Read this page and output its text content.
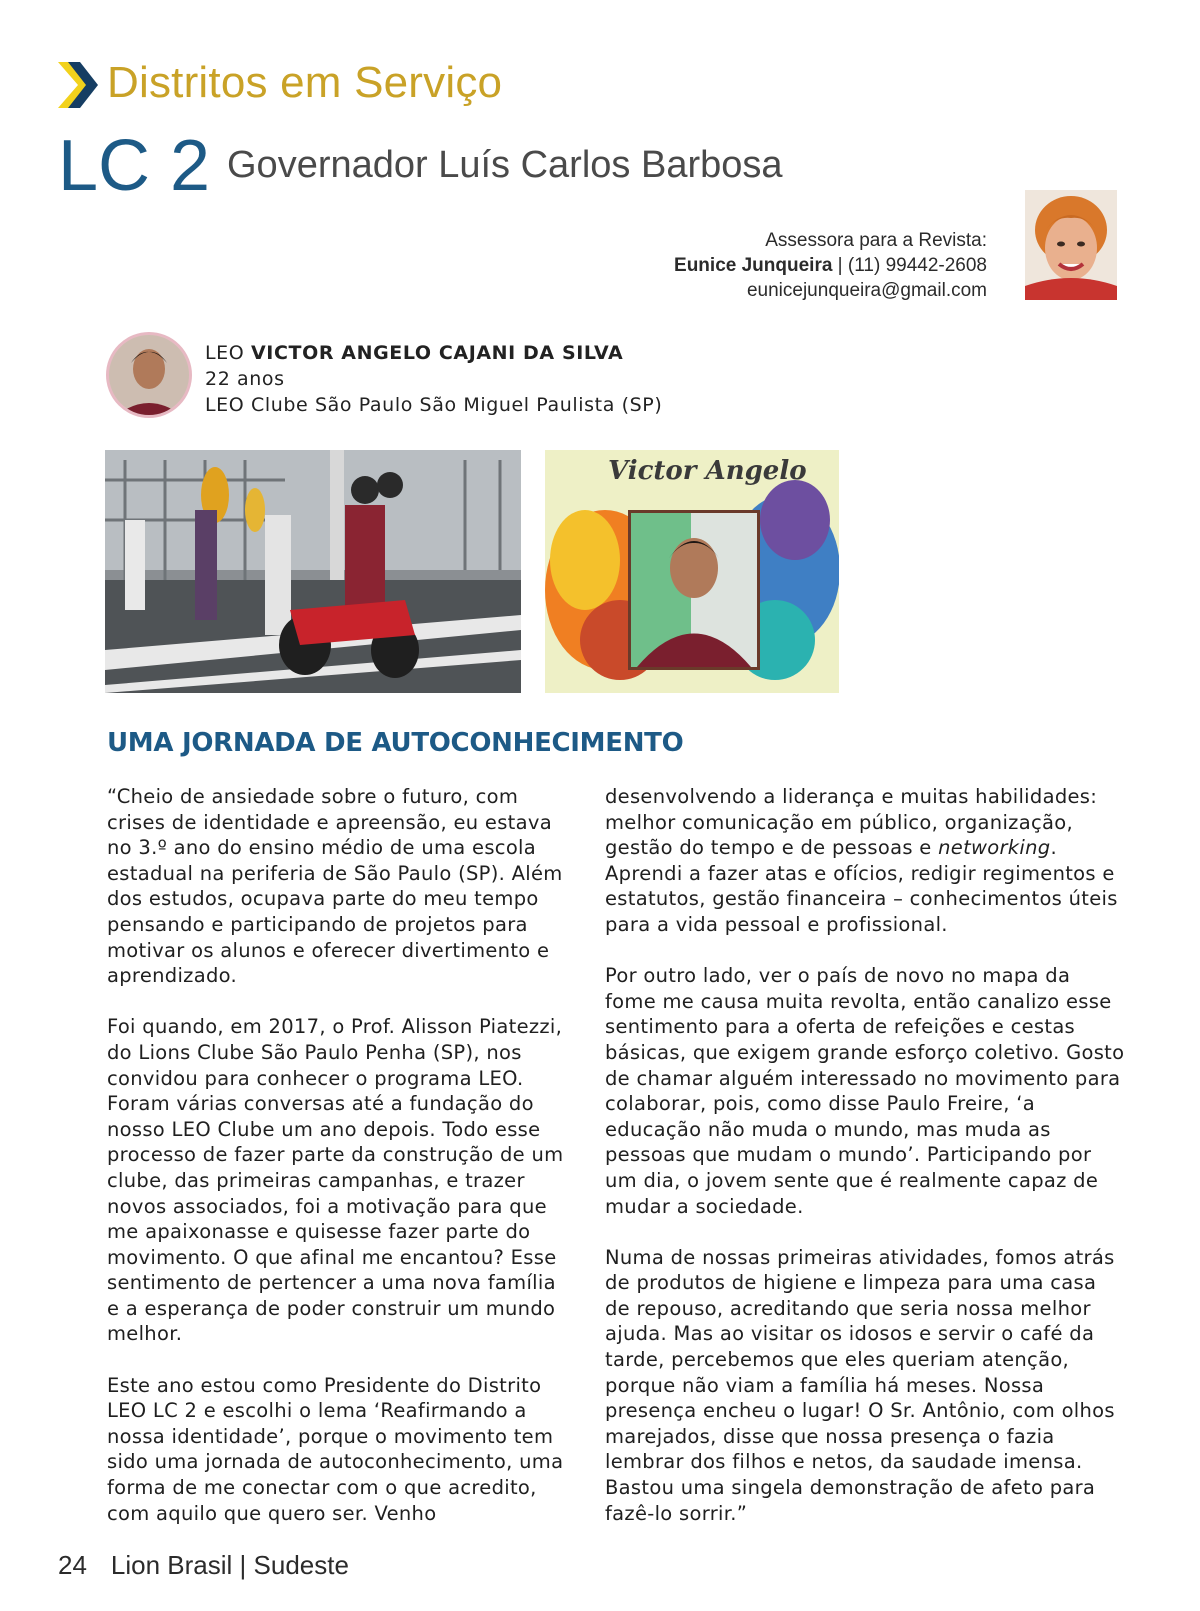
Distritos em Serviço
LC 2 Governador Luís Carlos Barbosa
Assessora para a Revista:
Eunice Junqueira | (11) 99442-2608
eunicejunqueira@gmail.com
LEO VICTOR ANGELO CAJANI DA SILVA
22 anos
LEO Clube São Paulo São Miguel Paulista (SP)
Victor Angelo
UMA JORNADA DE AUTOCONHECIMENTO

“Cheio de ansiedade sobre o futuro, com crises de identidade e apreensão, eu estava no 3.º ano do ensino médio de uma escola estadual na periferia de São Paulo (SP). Além dos estudos, ocupava parte do meu tempo pensando e participando de projetos para motivar os alunos e oferecer divertimento e aprendizado.

Foi quando, em 2017, o Prof. Alisson Piatezzi, do Lions Clube São Paulo Penha (SP), nos convidou para conhecer o programa LEO. Foram várias conversas até a fundação do nosso LEO Clube um ano depois. Todo esse processo de fazer parte da construção de um clube, das primeiras campanhas, e trazer novos associados, foi a motivação para que me apaixonasse e quisesse fazer parte do movimento. O que afinal me encantou? Esse sentimento de pertencer a uma nova família e a esperança de poder construir um mundo melhor.

Este ano estou como Presidente do Distrito LEO LC 2 e escolhi o lema ‘Reafirmando a nossa identidade’, porque o movimento tem sido uma jornada de autoconhecimento, uma forma de me conectar com o que acredito, com aquilo que quero ser. Venho

desenvolvendo a liderança e muitas habilidades: melhor comunicação em público, organização, gestão do tempo e de pessoas e networking. Aprendi a fazer atas e ofícios, redigir regimentos e estatutos, gestão financeira – conhecimentos úteis para a vida pessoal e profissional.

Por outro lado, ver o país de novo no mapa da fome me causa muita revolta, então canalizo esse sentimento para a oferta de refeições e cestas básicas, que exigem grande esforço coletivo. Gosto de chamar alguém interessado no movimento para colaborar, pois, como disse Paulo Freire, ‘a educação não muda o mundo, mas muda as pessoas que mudam o mundo’. Participando por um dia, o jovem sente que é realmente capaz de mudar a sociedade.

Numa de nossas primeiras atividades, fomos atrás de produtos de higiene e limpeza para uma casa de repouso, acreditando que seria nossa melhor ajuda. Mas ao visitar os idosos e servir o café da tarde, percebemos que eles queriam atenção, porque não viam a família há meses. Nossa presença encheu o lugar! O Sr. Antônio, com olhos marejados, disse que nossa presença o fazia lembrar dos filhos e netos, da saudade imensa. Bastou uma singela demonstração de afeto para fazê-lo sorrir.”

24 Lion Brasil | Sudeste
